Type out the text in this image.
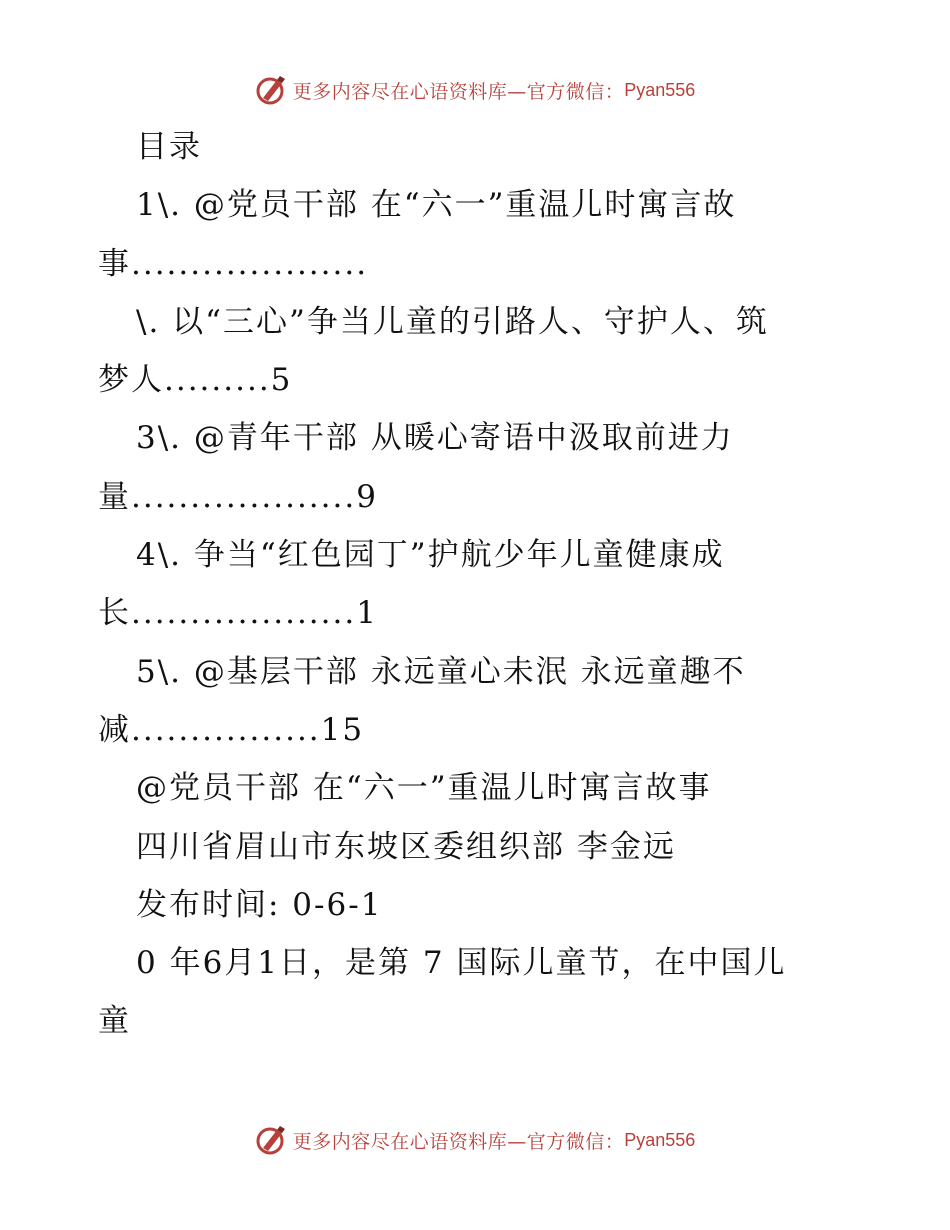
更多内容尽在心语资料库—官方微信： Pyan556
目录
1\. @党员干部 在“六一”重温儿时寓言故
事....................
\. 以“三心”争当儿童的引路人、守护人、筑
梦人.........5
3\. @青年干部 从暖心寄语中汲取前进力
量...................9
4\. 争当“红色园丁”护航少年儿童健康成
长...................1
5\. @基层干部 永远童心未泯 永远童趣不
减................15
@党员干部 在“六一”重温儿时寓言故事
四川省眉山市东坡区委组织部 李金远
发布时间: 0-6-1
0 年6月1日，是第 7 国际儿童节，在中国儿
童
更多内容尽在心语资料库—官方微信： Pyan556
